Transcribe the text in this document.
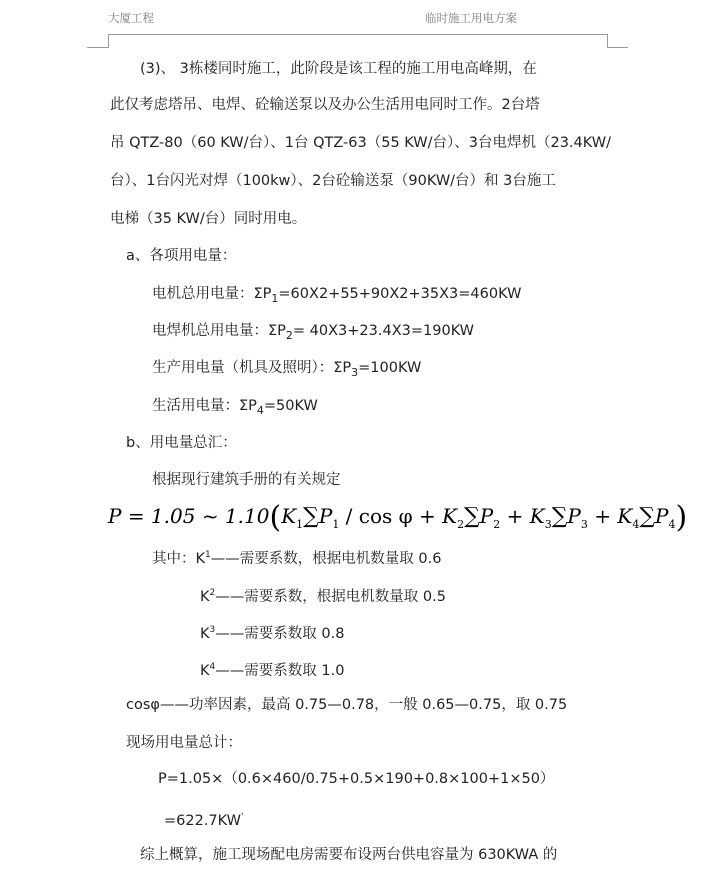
大厦工程	临时施工用电方案
(3)、 3栋楼同时施工，此阶段是该工程的施工用电高峰期，在
此仅考虑塔吊、电焊、砼输送泵以及办公生活用电同时工作。2台塔
吊 QTZ-80（60 KW/台）、1台 QTZ-63（55 KW/台）、3台电焊机（23.4KW/
台）、1台闪光对焊（100kw）、2台砼输送泵（90KW/台）和 3台施工
电梯（35 KW/台）同时用电。
a、各项用电量：
电机总用电量：$\Sigma P_1=60X2+55+90X2+35X3=460KW$
电焊机总用电量：$\Sigma P_2= 40X3+23.4X3=190KW$
生产用电量（机具及照明）：$\Sigma P_3=100KW$
生活用电量：$\Sigma P_4=50KW$
b、用电量总汇：
根据现行建筑手册的有关规定
P = 1.05 ~ $1.10(K_1\sum P_1 / \cos \varphi + K_2\sum P_2 + K_3\sum P_3 + K_4\sum P_4)$
其中：$K^1——$需要系数，根据电机数量取 0.6
$K^2——$需要系数，根据电机数量取 0.5
$K^3——$需要系数取 0.8
$K^4——$需要系数取 1.0
cosφ——功率因素，最高 0.75—0.78，一般 0.65—0.75，取 0.75
现场用电量总计：
P=1.05×（0.6×460/0.75+0.5×190+0.8×100+1×50）
=622.7KW'
综上概算，施工现场配电房需要布设两台供电容量为 630KWA 的
